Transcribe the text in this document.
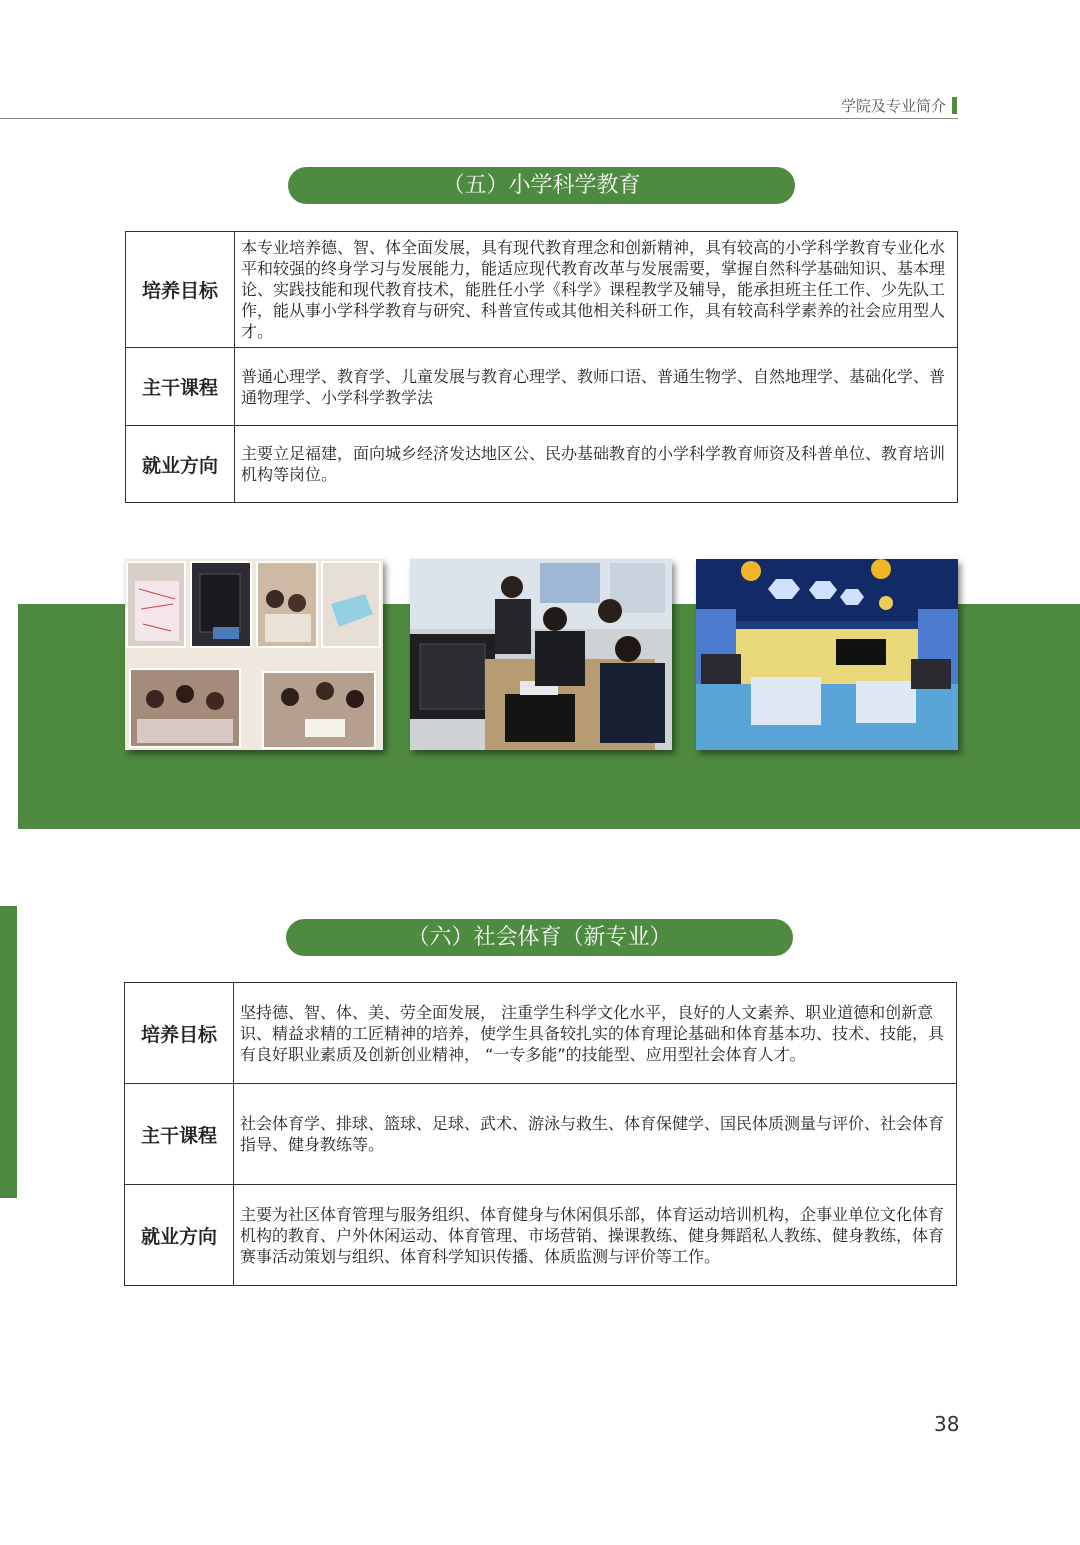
学院及专业简介
（五）小学科学教育
培养目标	本专业培养德、智、体全面发展，具有现代教育理念和创新精神，具有较高的小学科学教育专业化水平和较强的终身学习与发展能力，能适应现代教育改革与发展需要，掌握自然科学基础知识、基本理论、实践技能和现代教育技术，能胜任小学《科学》课程教学及辅导，能承担班主任工作、少先队工作，能从事小学科学教育与研究、科普宣传或其他相关科研工作，具有较高科学素养的社会应用型人才。
主干课程	普通心理学、教育学、儿童发展与教育心理学、教师口语、普通生物学、自然地理学、基础化学、普通物理学、小学科学教学法
就业方向	主要立足福建，面向城乡经济发达地区公、民办基础教育的小学科学教育师资及科普单位、教育培训机构等岗位。
（六）社会体育（新专业）
培养目标	坚持德、智、体、美、劳全面发展， 注重学生科学文化水平，良好的人文素养、职业道德和创新意识、精益求精的工匠精神的培养，使学生具备较扎实的体育理论基础和体育基本功、技术、技能，具有良好职业素质及创新创业精神， “一专多能”的技能型、应用型社会体育人才。
主干课程	社会体育学、排球、篮球、足球、武术、游泳与救生、体育保健学、国民体质测量与评价、社会体育指导、健身教练等。
就业方向	主要为社区体育管理与服务组织、体育健身与休闲俱乐部，体育运动培训机构，企事业单位文化体育机构的教育、户外休闲运动、体育管理、市场营销、操课教练、健身舞蹈私人教练、健身教练，体育赛事活动策划与组织、体育科学知识传播、体质监测与评价等工作。
38
